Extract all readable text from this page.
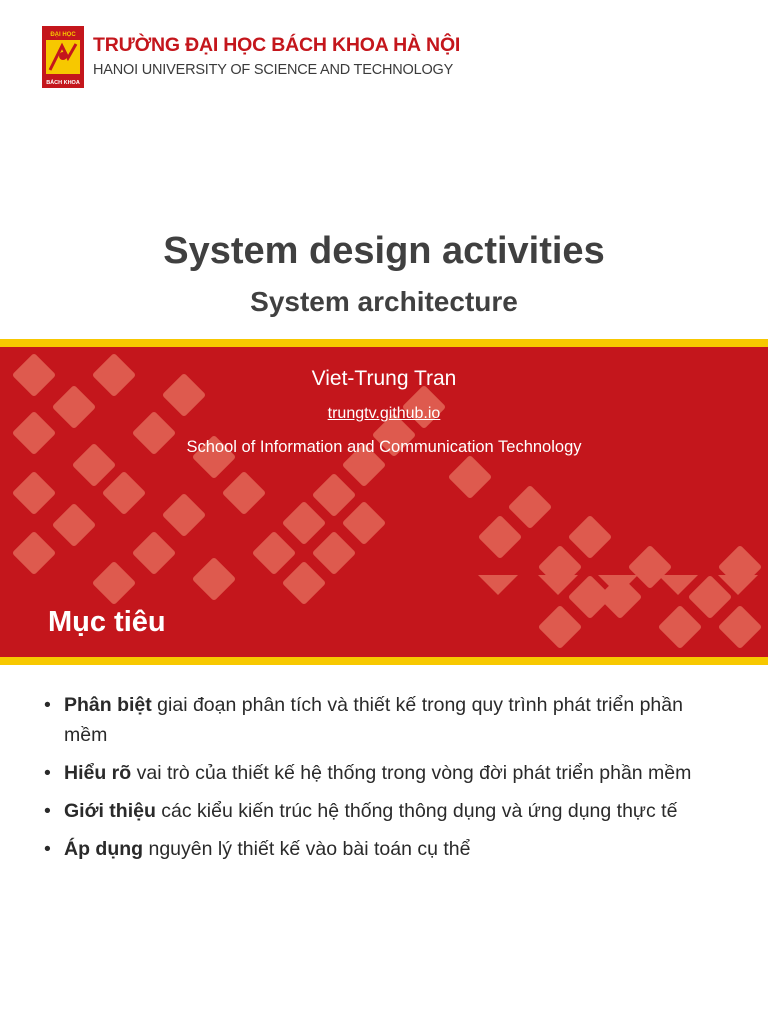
ĐẠI HỌC
BÁCH KHOA

TRƯỜNG ĐẠI HỌC BÁCH KHOA HÀ NỘI

HANOI UNIVERSITY OF SCIENCE AND TECHNOLOGY

System design activities
System architecture

Viet-Trung Tran

trungtv.github.io

School of Information and Communication Technology

Mục tiêu
• Phân biệt giai đoạn phân tích và thiết kế trong quy trình phát triển phần mềm
• Hiểu rõ vai trò của thiết kế hệ thống trong vòng đời phát triển phần mềm
• Giới thiệu các kiểu kiến trúc hệ thống thông dụng và ứng dụng thực tế
• Áp dụng nguyên lý thiết kế vào bài toán cụ thể
